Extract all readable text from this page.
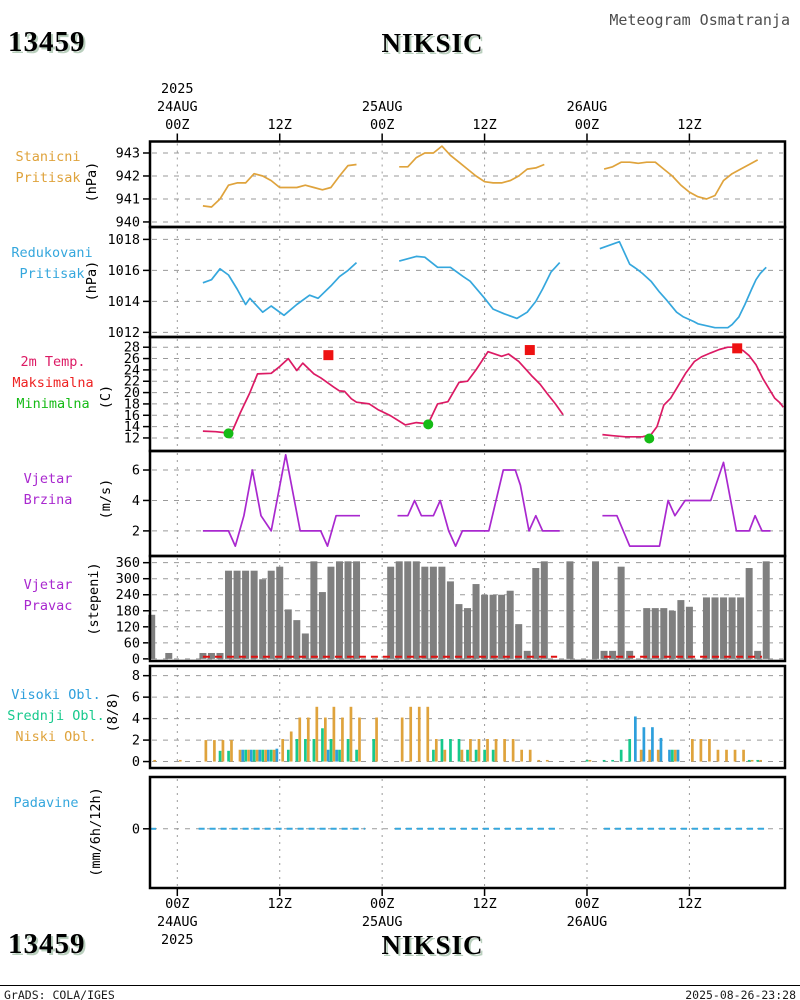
13459	NIKSIC
Meteogram Osmatranja
Stanicni
Pritisak (hPa)
Redukovani
Pritisak (hPa)
2m Temp.
Maksimalna
Minimalna (C)
Vjetar
Brzina	(m/s)
Vjetar
Pravac	(stepeni)
Visoki Obl.
Srednji Obl.
Niski Obl.
(8/8)
Padavine (mm/6h/12h)
940
941
942
943
1012
1014
1016
1018
12
14
16
18
20
22
24
26
28
2
4
6
0
60
120
180
240
300
360
0
2
4
6
8
0
00Z
24AUG
2025
00Z
24AUG
2025
12Z
12Z
00Z
25AUG
00Z
25AUG
12Z
12Z
00Z
26AUG
00Z
26AUG
12Z
12Z
13459	NIKSIC
GrADS: COLA/IGES	2025-08-26-23:28
